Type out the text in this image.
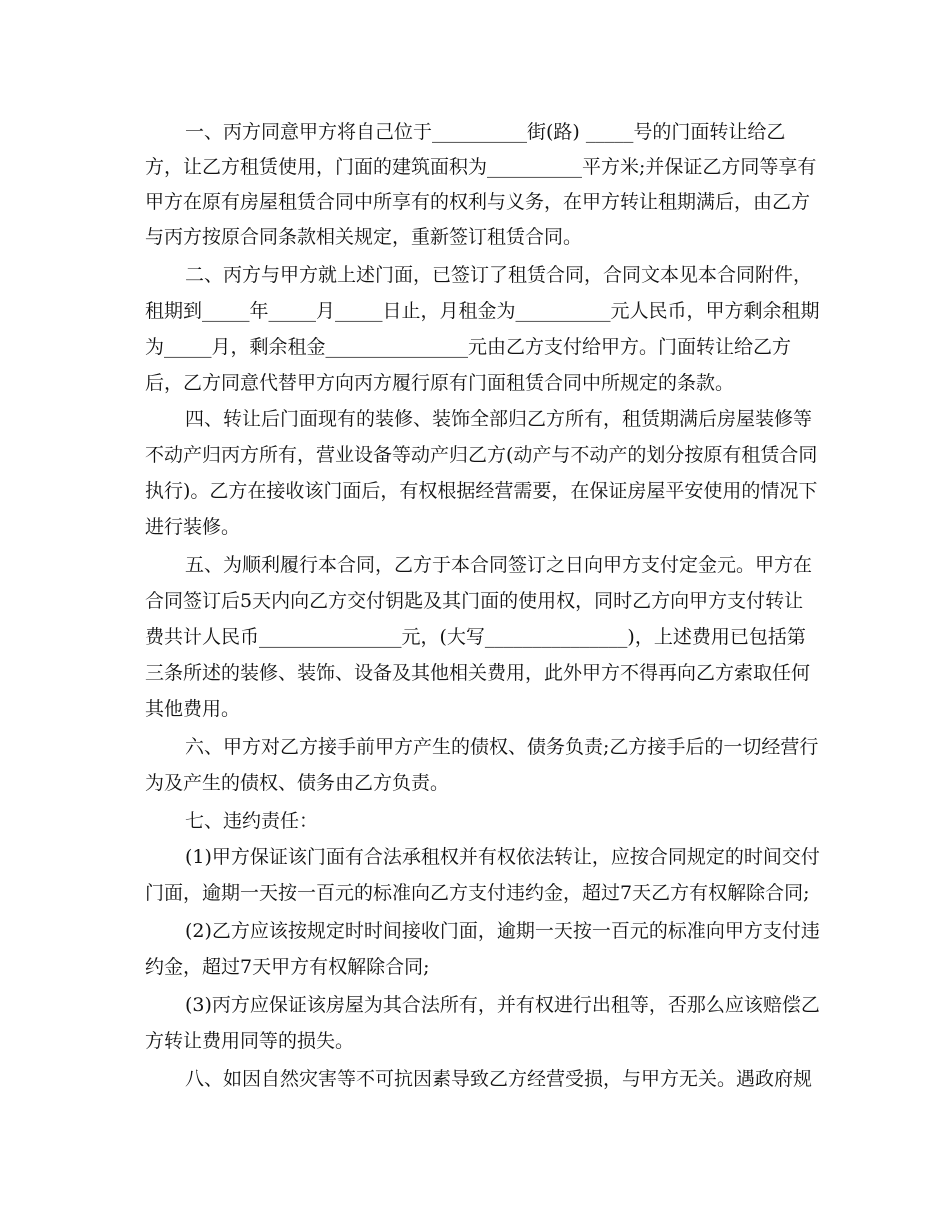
一、丙方同意甲方将自己位于__________街(路) _____号的门面转让给乙
方，让乙方租赁使用，门面的建筑面积为__________平方米;并保证乙方同等享有
甲方在原有房屋租赁合同中所享有的权利与义务，在甲方转让租期满后，由乙方
与丙方按原合同条款相关规定，重新签订租赁合同。
二、丙方与甲方就上述门面，已签订了租赁合同，合同文本见本合同附件，
租期到_____年_____月_____日止，月租金为__________元人民币，甲方剩余租期
为_____月，剩余租金_______________元由乙方支付给甲方。门面转让给乙方
后，乙方同意代替甲方向丙方履行原有门面租赁合同中所规定的条款。
四、转让后门面现有的装修、装饰全部归乙方所有，租赁期满后房屋装修等
不动产归丙方所有，营业设备等动产归乙方(动产与不动产的划分按原有租赁合同
执行)。乙方在接收该门面后，有权根据经营需要，在保证房屋平安使用的情况下
进行装修。
五、为顺利履行本合同，乙方于本合同签订之日向甲方支付定金元。甲方在
合同签订后5天内向乙方交付钥匙及其门面的使用权，同时乙方向甲方支付转让
费共计人民币_______________元，(大写_______________)，上述费用已包括第
三条所述的装修、装饰、设备及其他相关费用，此外甲方不得再向乙方索取任何
其他费用。
六、甲方对乙方接手前甲方产生的债权、债务负责;乙方接手后的一切经营行
为及产生的债权、债务由乙方负责。
七、违约责任：
(1)甲方保证该门面有合法承租权并有权依法转让，应按合同规定的时间交付
门面，逾期一天按一百元的标准向乙方支付违约金，超过7天乙方有权解除合同;
(2)乙方应该按规定时时间接收门面，逾期一天按一百元的标准向甲方支付违
约金，超过7天甲方有权解除合同;
(3)丙方应保证该房屋为其合法所有，并有权进行出租等，否那么应该赔偿乙
方转让费用同等的损失。
八、如因自然灾害等不可抗因素导致乙方经营受损，与甲方无关。遇政府规
